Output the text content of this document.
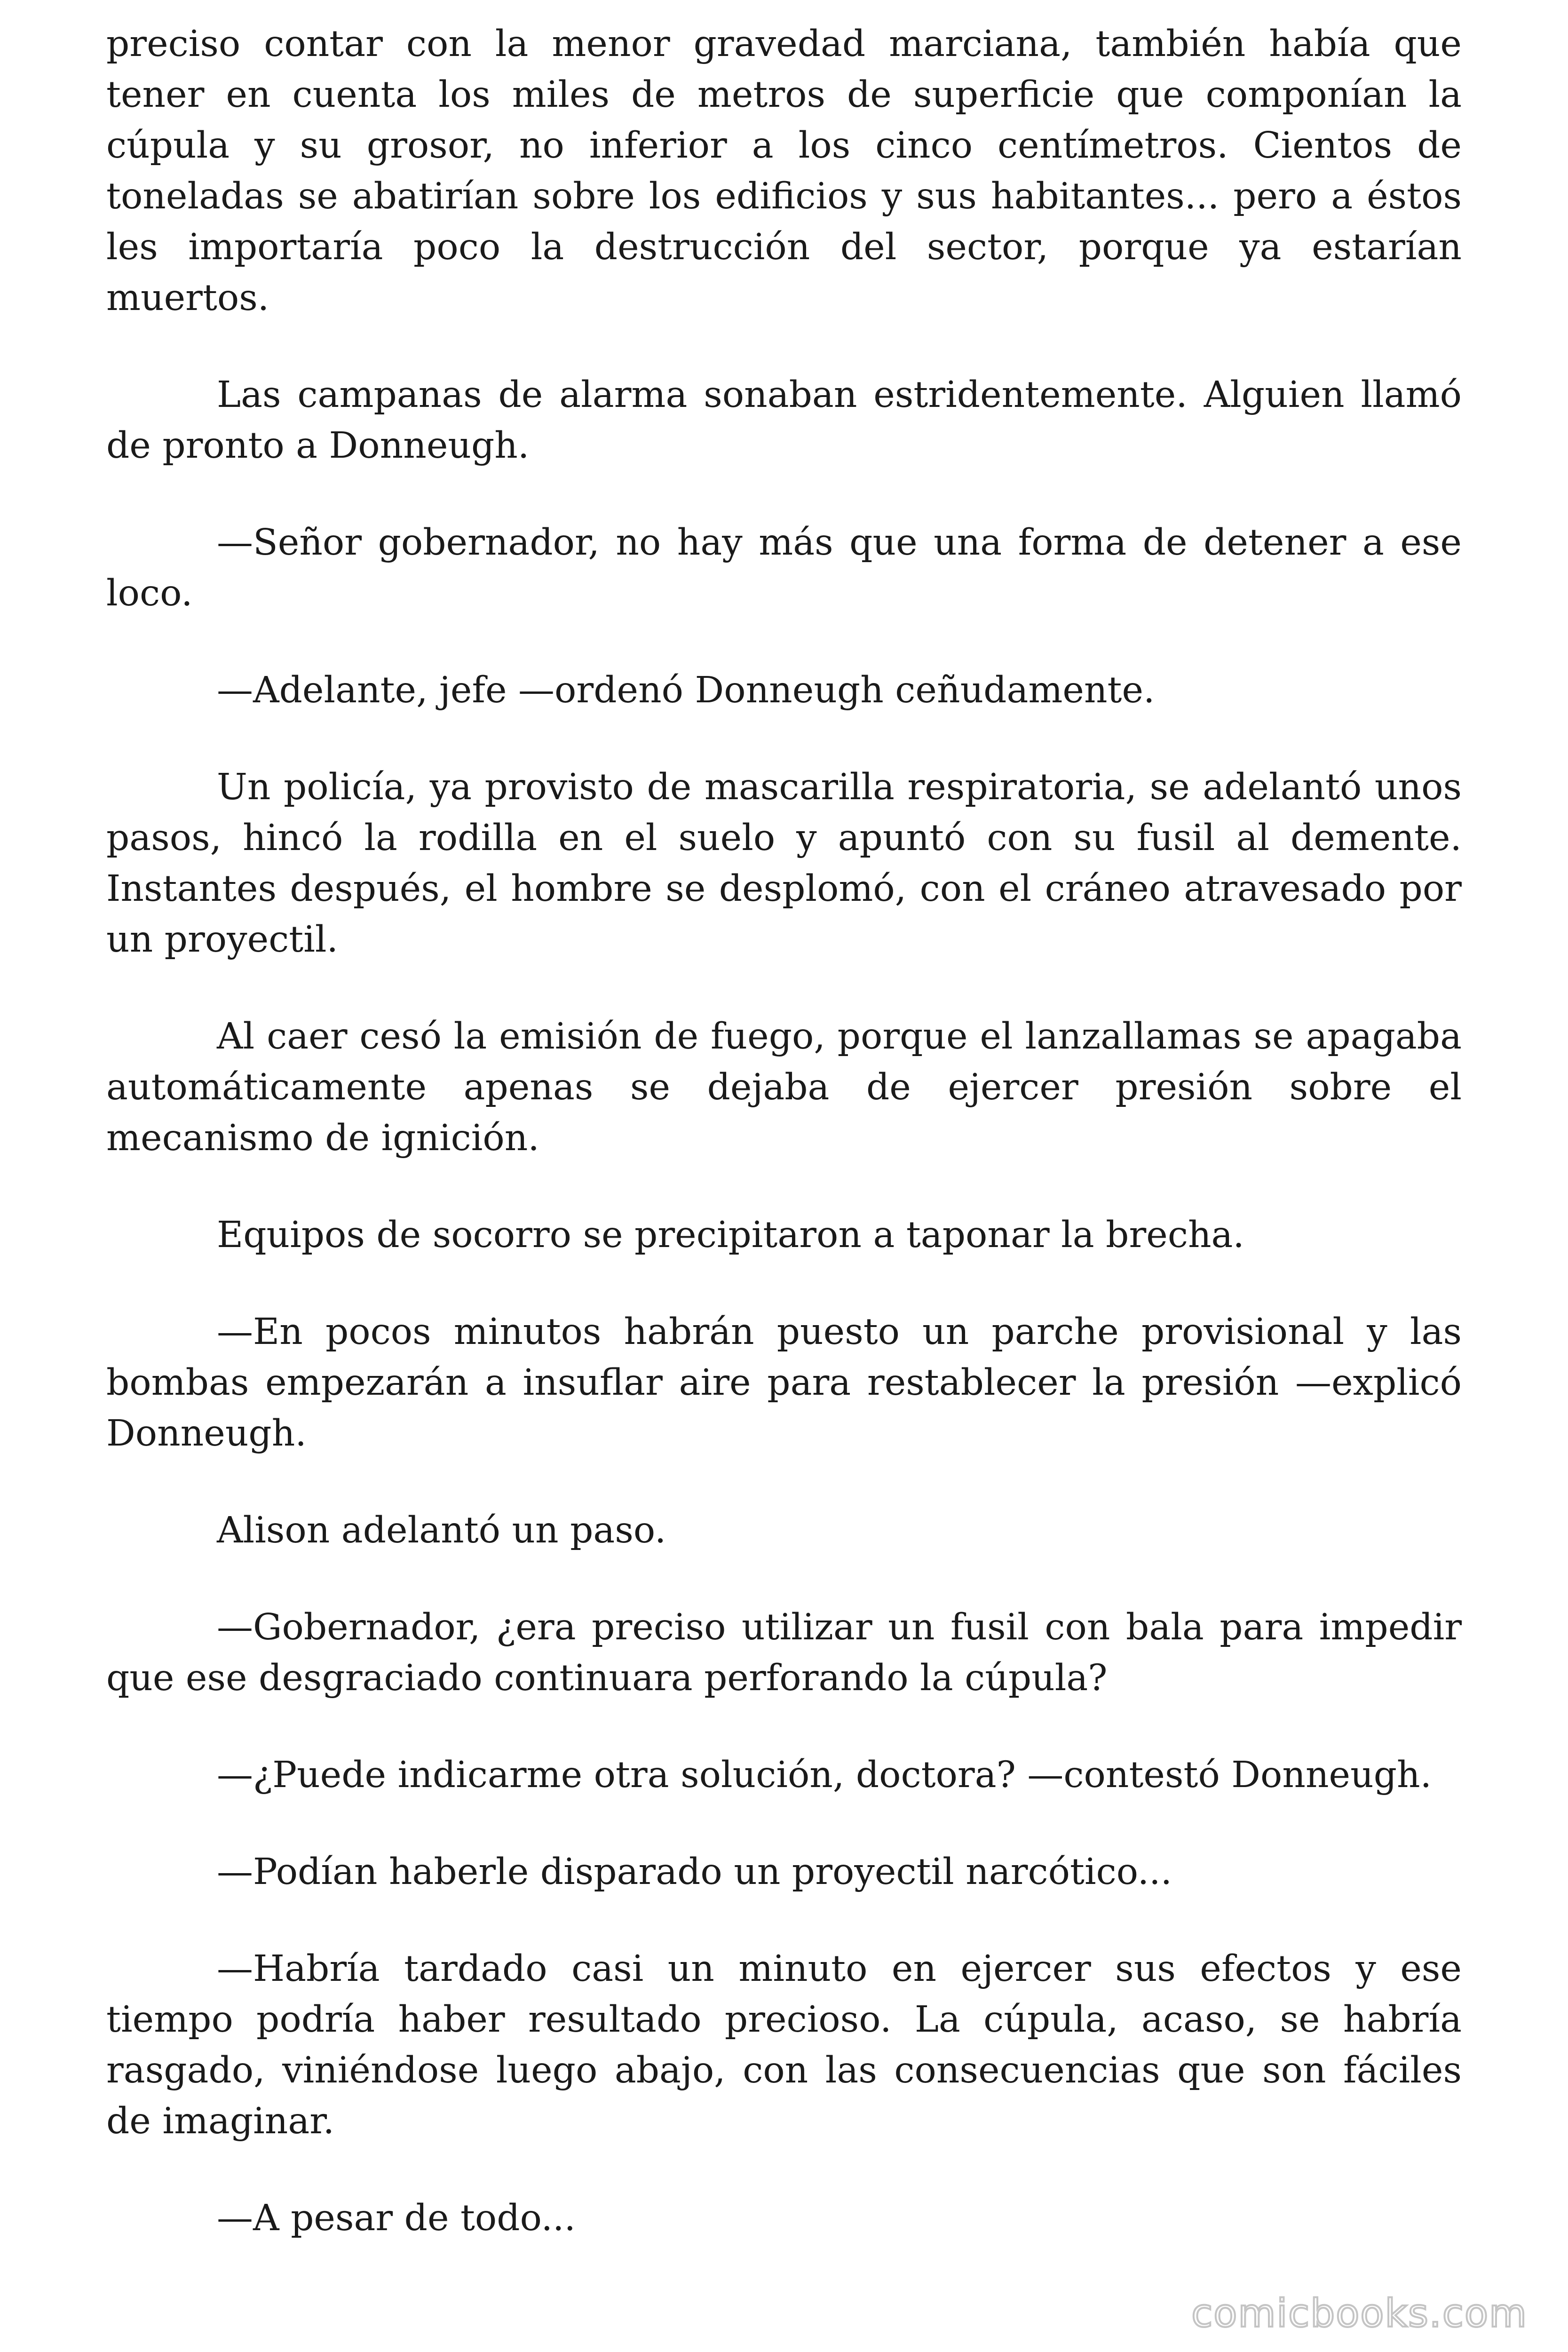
preciso contar con la menor gravedad marciana, también había que tener en cuenta los miles de metros de superficie que componían la cúpula y su grosor, no inferior a los cinco centímetros. Cientos de toneladas se abatirían sobre los edificios y sus habitantes... pero a éstos les importaría poco la destrucción del sector, porque ya estarían muertos.

Las campanas de alarma sonaban estridentemente. Alguien llamó de pronto a Donneugh.

—Señor gobernador, no hay más que una forma de detener a ese loco.

—Adelante, jefe —ordenó Donneugh ceñudamente.

Un policía, ya provisto de mascarilla respiratoria, se adelantó unos pasos, hincó la rodilla en el suelo y apuntó con su fusil al demente. Instantes después, el hombre se desplomó, con el cráneo atravesado por un proyectil.

Al caer cesó la emisión de fuego, porque el lanzallamas se apagaba automáticamente apenas se dejaba de ejercer presión sobre el mecanismo de ignición.

Equipos de socorro se precipitaron a taponar la brecha.

—En pocos minutos habrán puesto un parche provisional y las bombas empezarán a insuflar aire para restablecer la presión —explicó Donneugh.

Alison adelantó un paso.

—Gobernador, ¿era preciso utilizar un fusil con bala para impedir que ese desgraciado continuara perforando la cúpula?

—¿Puede indicarme otra solución, doctora? —contestó Donneugh.

—Podían haberle disparado un proyectil narcótico...

—Habría tardado casi un minuto en ejercer sus efectos y ese tiempo podría haber resultado precioso. La cúpula, acaso, se habría rasgado, viniéndose luego abajo, con las consecuencias que son fáciles de imaginar.

—A pesar de todo...

comicbooks.com
